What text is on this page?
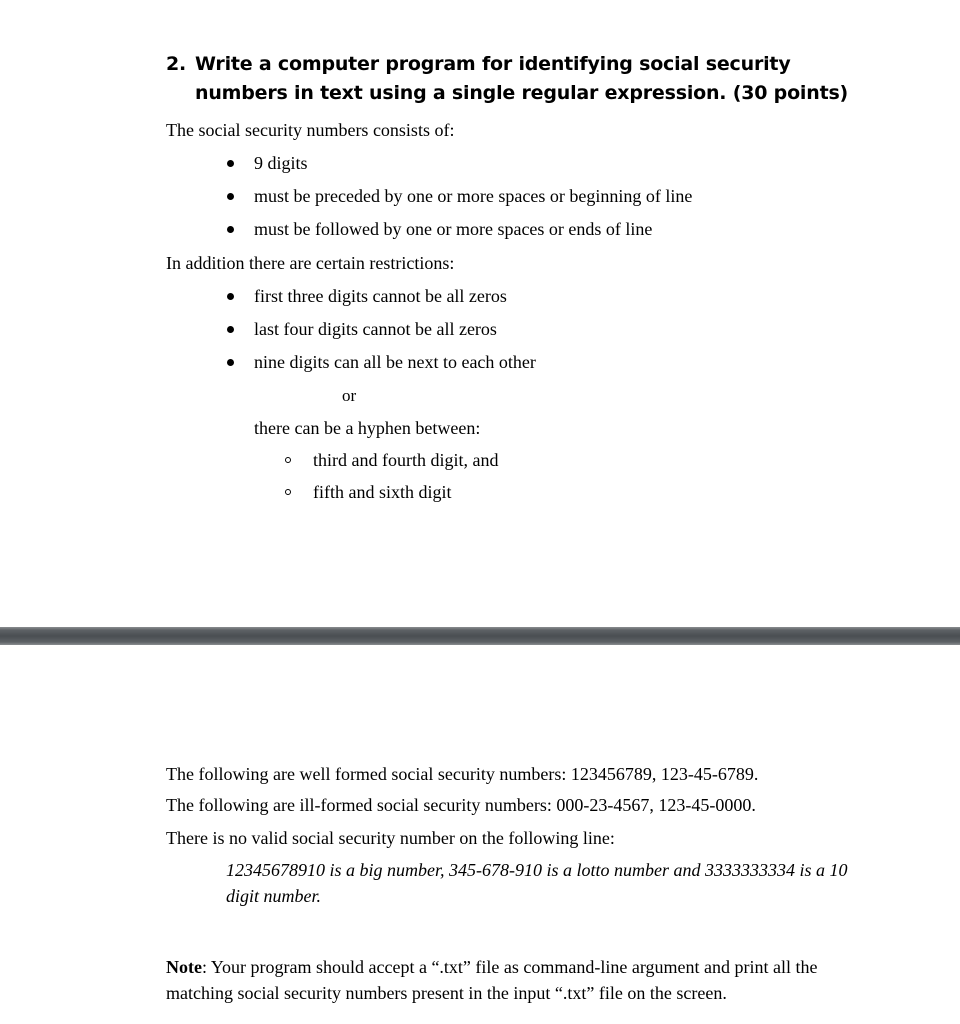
2. Write a computer program for identifying social security numbers in text using a single regular expression. (30 points)
The social security numbers consists of:
9 digits
must be preceded by one or more spaces or beginning of line
must be followed by one or more spaces or ends of line
In addition there are certain restrictions:
first three digits cannot be all zeros
last four digits cannot be all zeros
nine digits can all be next to each other
or
there can be a hyphen between:
third and fourth digit, and
fifth and sixth digit
The following are well formed social security numbers: 123456789, 123-45-6789.
The following are ill-formed social security numbers: 000-23-4567, 123-45-0000.
There is no valid social security number on the following line:
12345678910 is a big number, 345-678-910 is a lotto number and 3333333334 is a 10 digit number.
Note: Your program should accept a “.txt” file as command-line argument and print all the matching social security numbers present in the input “.txt” file on the screen.
